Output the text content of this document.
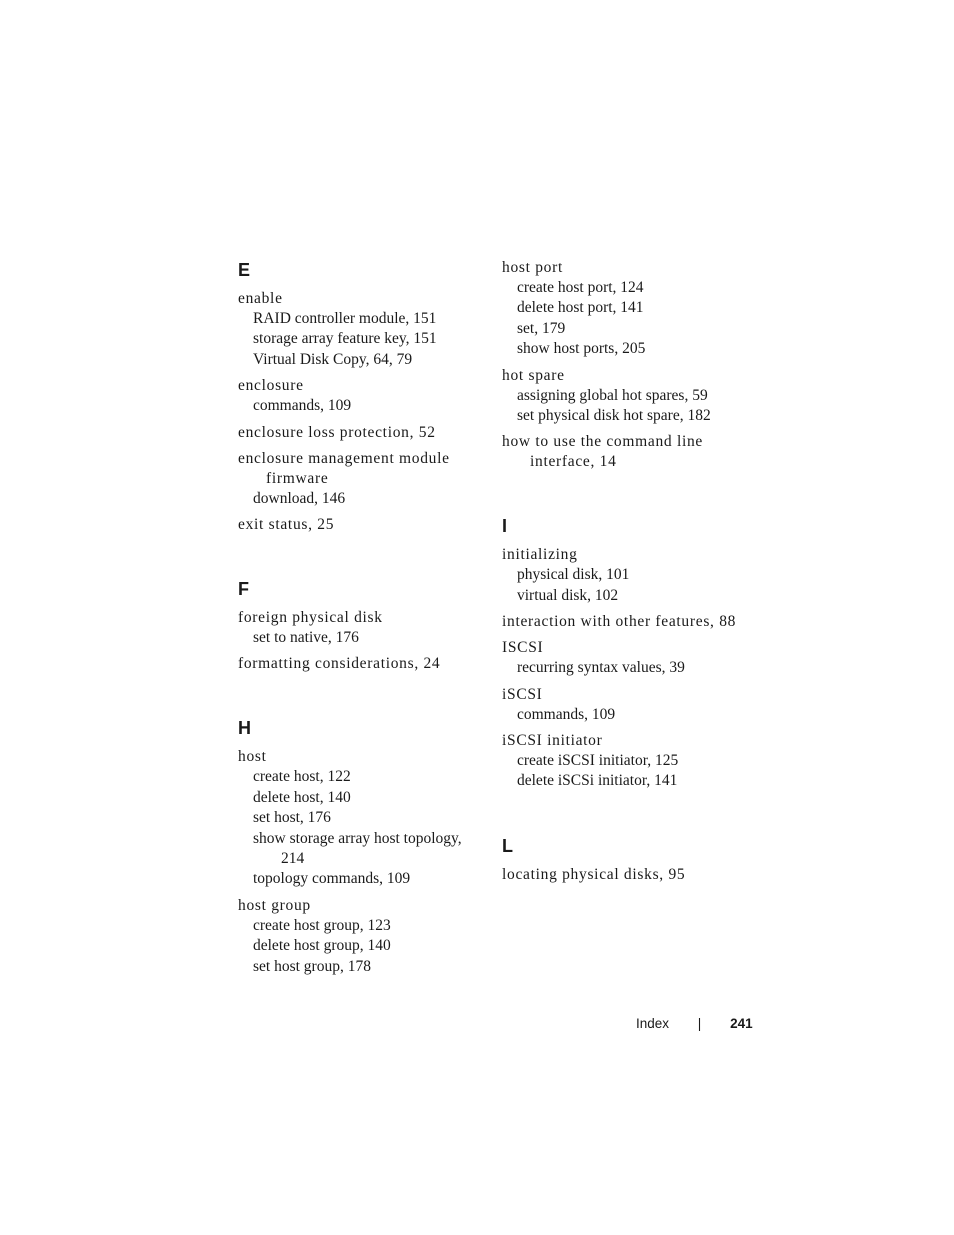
E
enable
RAID controller module, 151
storage array feature key, 151
Virtual Disk Copy, 64, 79
enclosure
commands, 109
enclosure loss protection, 52
enclosure management module firmware
download, 146
exit status, 25
F
foreign physical disk
set to native, 176
formatting considerations, 24
H
host
create host, 122
delete host, 140
set host, 176
show storage array host topology, 214
topology commands, 109
host group
create host group, 123
delete host group, 140
set host group, 178
host port
create host port, 124
delete host port, 141
set, 179
show host ports, 205
hot spare
assigning global hot spares, 59
set physical disk hot spare, 182
how to use the command line interface, 14
I
initializing
physical disk, 101
virtual disk, 102
interaction with other features, 88
ISCSI
recurring syntax values, 39
iSCSI
commands, 109
iSCSI initiator
create iSCSI initiator, 125
delete iSCSi initiator, 141
L
locating physical disks, 95
Index | 241
